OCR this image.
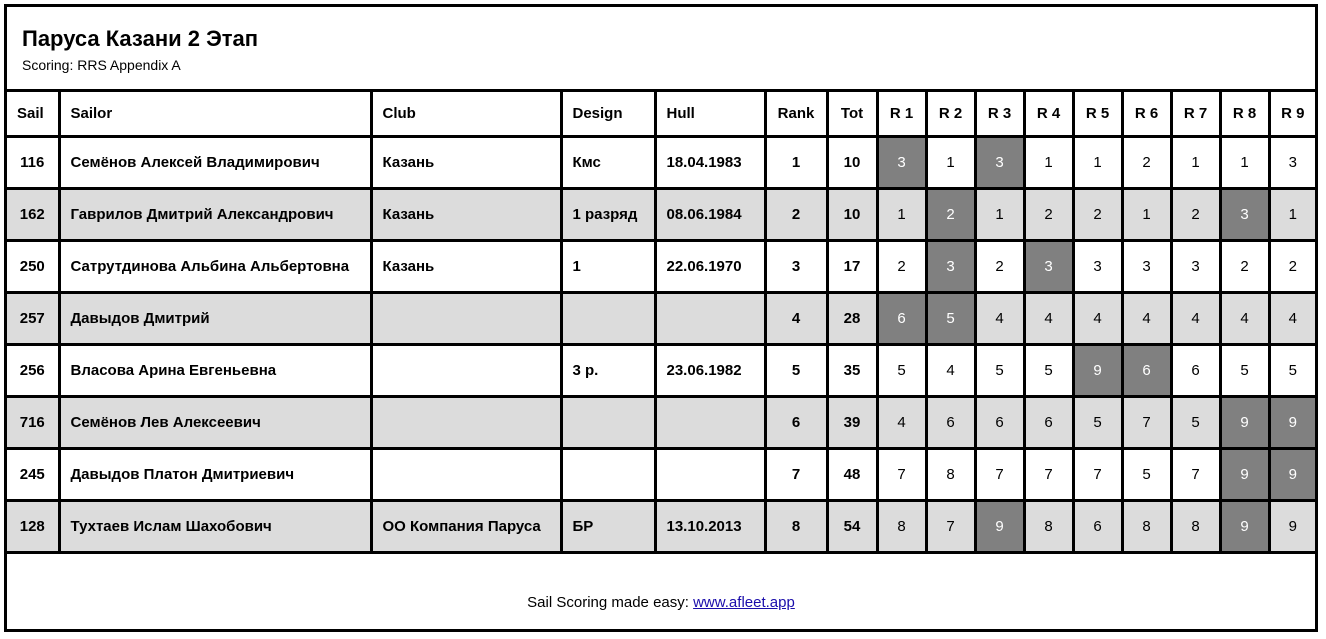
Паруса Казани 2 Этап
Scoring: RRS Appendix A
Sail	Sailor	Club	Design	Hull	Rank	Tot	R 1	R 2	R 3	R 4	R 5	R 6	R 7	R 8	R 9
116	Семёнов Алексей Владимирович	Казань	Кмс	18.04.1983	1	10	3	1	3	1	1	2	1	1	3
162	Гаврилов Дмитрий Александрович	Казань	1 разряд	08.06.1984	2	10	1	2	1	2	2	1	2	3	1
250	Сатрутдинова Альбина Альбертовна	Казань	1	22.06.1970	3	17	2	3	2	3	3	3	3	2	2
257	Давыдов Дмитрий				4	28	6	5	4	4	4	4	4	4	4
256	Власова Арина Евгеньевна		3 р.	23.06.1982	5	35	5	4	5	5	9	6	6	5	5
716	Семёнов Лев Алексеевич				6	39	4	6	6	6	5	7	5	9	9
245	Давыдов Платон Дмитриевич				7	48	7	8	7	7	7	5	7	9	9
128	Тухтаев Ислам Шахобович	ОО Компания Паруса	БР	13.10.2013	8	54	8	7	9	8	6	8	8	9	9
Sail Scoring made easy: www.afleet.app
